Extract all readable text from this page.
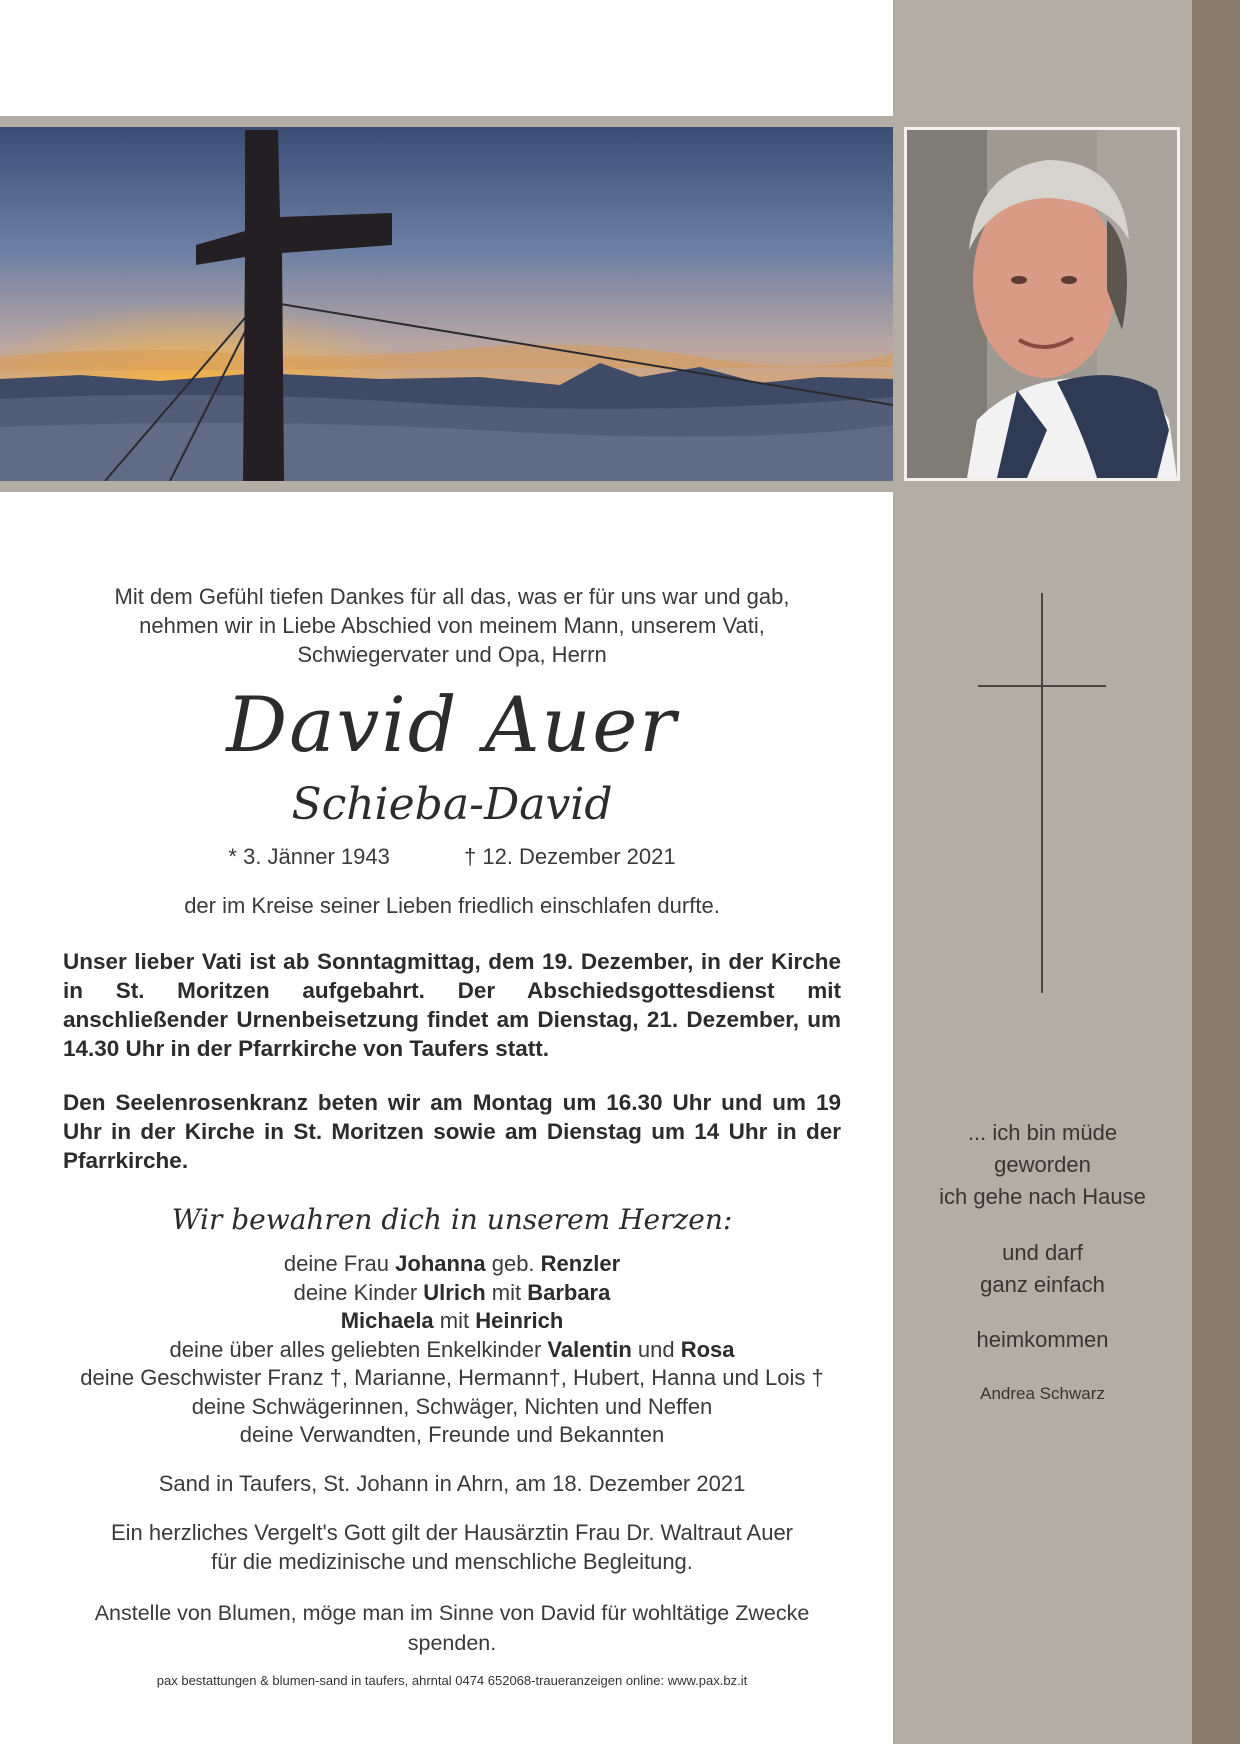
... ich bin müde
geworden
ich gehe nach Hause
und darf
ganz einfach
heimkommen
Andrea Schwarz
Mit dem Gefühl tiefen Dankes für all das, was er für uns war und gab,
nehmen wir in Liebe Abschied von meinem Mann, unserem Vati,
Schwiegervater und Opa, Herrn
David Auer
Schieba-David
* 3. Jänner 1943	† 12. Dezember 2021
der im Kreise seiner Lieben friedlich einschlafen durfte.
Unser lieber Vati ist ab Sonntagmittag, dem 19. Dezember, in der Kirche in St. Moritzen aufgebahrt. Der Abschiedsgottesdienst mit anschließender Urnenbeisetzung findet am Dienstag, 21. Dezember, um 14.30 Uhr in der Pfarrkirche von Taufers statt.
Den Seelenrosenkranz beten wir am Montag um 16.30 Uhr und um 19 Uhr in der Kirche in St. Moritzen sowie am Dienstag um 14 Uhr in der Pfarrkirche.
Wir bewahren dich in unserem Herzen:
deine Frau Johanna geb. Renzler
deine Kinder Ulrich mit Barbara
Michaela mit Heinrich
deine über alles geliebten Enkelkinder Valentin und Rosa
deine Geschwister Franz †, Marianne, Hermann†, Hubert, Hanna und Lois †
deine Schwägerinnen, Schwäger, Nichten und Neffen
deine Verwandten, Freunde und Bekannten
Sand in Taufers, St. Johann in Ahrn, am 18. Dezember 2021
Ein herzliches Vergelt's Gott gilt der Hausärztin Frau Dr. Waltraut Auer
für die medizinische und menschliche Begleitung.
Anstelle von Blumen, möge man im Sinne von David für wohltätige Zwecke spenden.
pax bestattungen & blumen-sand in taufers, ahrntal 0474 652068-traueranzeigen online: www.pax.bz.it
